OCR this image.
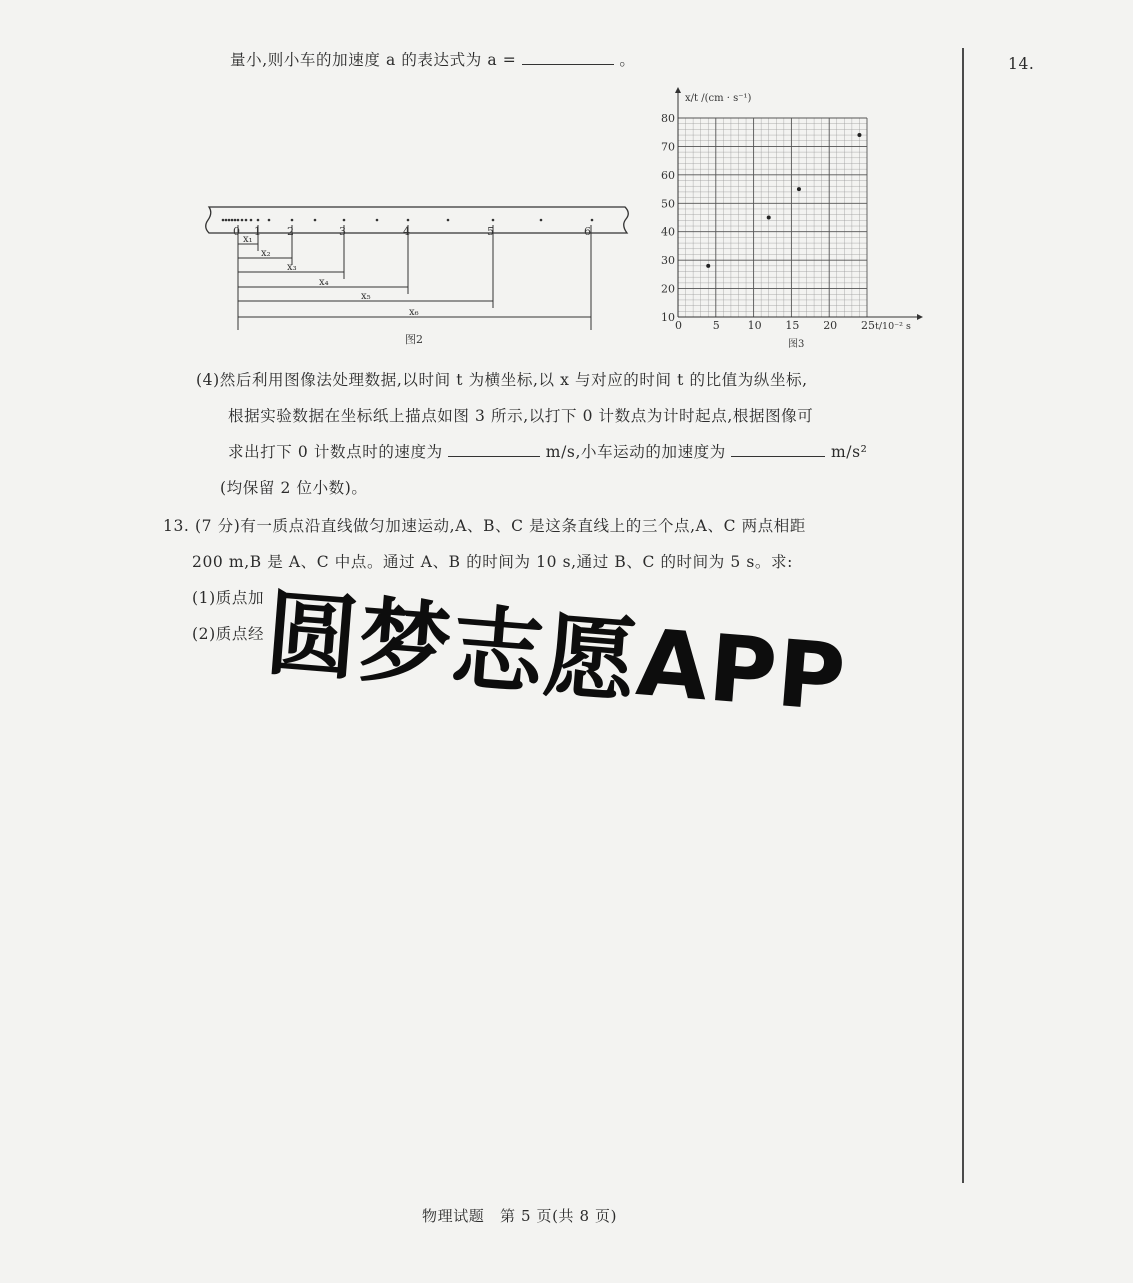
量小,则小车的加速度 a 的表达式为 a =	。	14.
0 1 2	3	4	5	6
x₁
x₂
x₃
x₄
x₅
x₆
图2
x/t /(cm · s⁻¹)
t/10⁻² s
图3
0	5	10 15 20 25
10
20
30
40
50
60
70
80
(4)然后利用图像法处理数据,以时间 t 为横坐标,以 x 与对应的时间 t 的比值为纵坐标,
根据实验数据在坐标纸上描点如图 3 所示,以打下 0 计数点为计时起点,根据图像可
求出打下 0 计数点时的速度为	m/s,小车运动的加速度为	m/s²
(均保留 2 位小数)。
13. (7 分)有一质点沿直线做匀加速运动,A、B、C 是这条直线上的三个点,A、C 两点相距
200 m,B 是 A、C 中点。通过 A、B 的时间为 10 s,通过 B、C 的时间为 5 s。求:
(1)质点加
(2)质点经
圆梦志愿APP
物理试题　第 5 页(共 8 页)
